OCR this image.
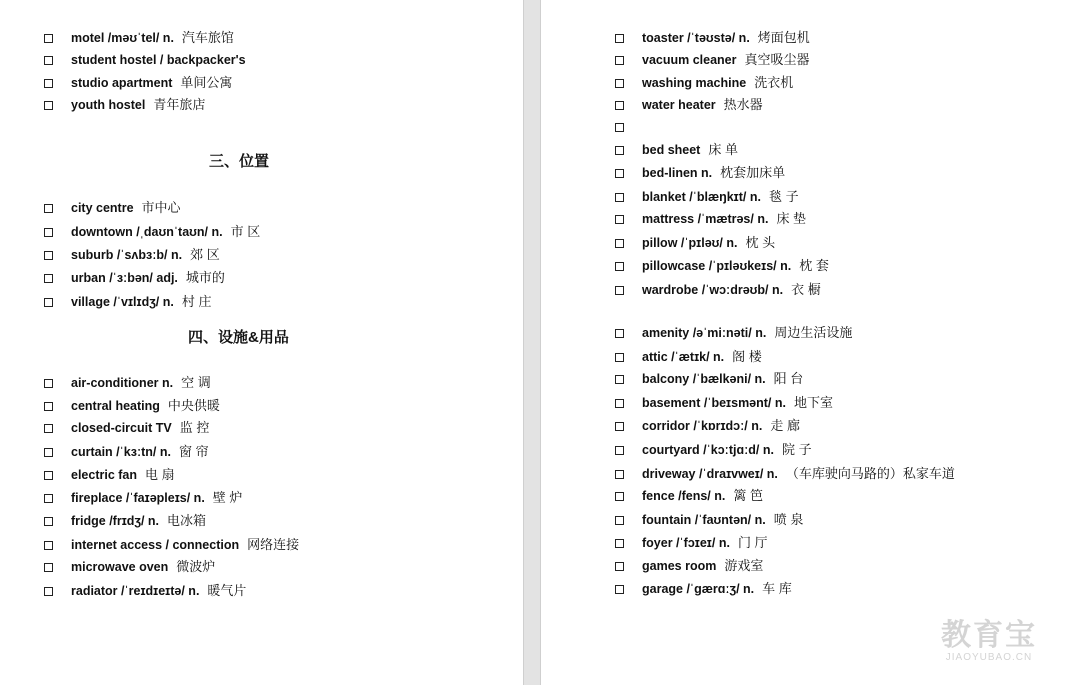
motel /məʊˈtel/ n. 汽车旅馆
student hostel / backpacker's
studio apartment 单间公寓
youth hostel 青年旅店
三、位置
city centre 市中心
downtown /ˌdaʊnˈtaʊn/ n. 市 区
suburb /ˈsʌbɜːb/ n. 郊 区
urban /ˈɜːbən/ adj. 城市的
village /ˈvɪlɪdʒ/ n. 村 庄
四、设施&用品
air-conditioner n. 空 调
central heating 中央供暖
closed-circuit TV 监 控
curtain /ˈkɜːtn/ n. 窗 帘
electric fan 电 扇
fireplace /ˈfaɪəpleɪs/ n. 壁 炉
fridge /frɪdʒ/ n. 电冰箱
internet access / connection 网络连接
microwave oven 微波炉
radiator /ˈreɪdɪeɪtə/ n. 暖气片
toaster /ˈtəʊstə/ n. 烤面包机
vacuum cleaner 真空吸尘器
washing machine 洗衣机
water heater 热水器
bed sheet 床 单
bed-linen n. 枕套加床单
blanket /ˈblæŋkɪt/ n. 毯 子
mattress /ˈmætrəs/ n. 床 垫
pillow /ˈpɪləʊ/ n. 枕 头
pillowcase /ˈpɪləʊkeɪs/ n. 枕 套
wardrobe /ˈwɔːdrəʊb/ n. 衣 橱
amenity /əˈmiːnəti/ n. 周边生活设施
attic /ˈætɪk/ n. 阁 楼
balcony /ˈbælkəni/ n. 阳 台
basement /ˈbeɪsmənt/ n. 地下室
corridor /ˈkɒrɪdɔː/ n. 走 廊
courtyard /ˈkɔːtjɑːd/ n. 院 子
driveway /ˈdraɪvweɪ/ n. （车库驶向马路的）私家车道
fence /fens/ n. 篱 笆
fountain /ˈfaʊntən/ n. 喷 泉
foyer /ˈfɔɪeɪ/ n. 门 厅
games room 游戏室
garage /ˈɡærɑːʒ/ n. 车 库
教育宝
JIAOYUBAO.CN
